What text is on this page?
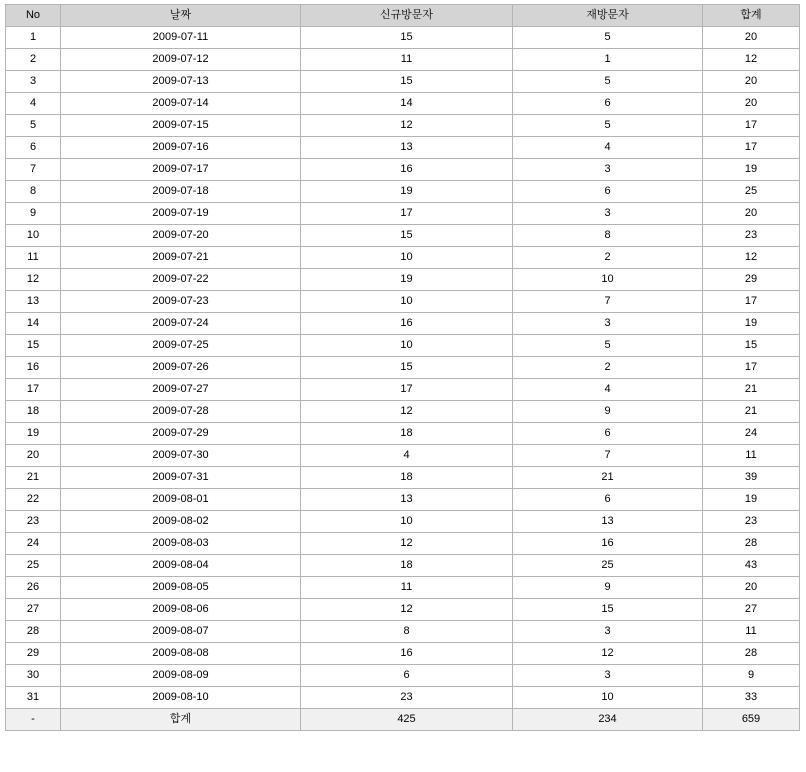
No	날짜	신규방문자	재방문자	합계
1	2009-07-11	15	5	20
2	2009-07-12	11	1	12
3	2009-07-13	15	5	20
4	2009-07-14	14	6	20
5	2009-07-15	12	5	17
6	2009-07-16	13	4	17
7	2009-07-17	16	3	19
8	2009-07-18	19	6	25
9	2009-07-19	17	3	20
10	2009-07-20	15	8	23
11	2009-07-21	10	2	12
12	2009-07-22	19	10	29
13	2009-07-23	10	7	17
14	2009-07-24	16	3	19
15	2009-07-25	10	5	15
16	2009-07-26	15	2	17
17	2009-07-27	17	4	21
18	2009-07-28	12	9	21
19	2009-07-29	18	6	24
20	2009-07-30	4	7	11
21	2009-07-31	18	21	39
22	2009-08-01	13	6	19
23	2009-08-02	10	13	23
24	2009-08-03	12	16	28
25	2009-08-04	18	25	43
26	2009-08-05	11	9	20
27	2009-08-06	12	15	27
28	2009-08-07	8	3	11
29	2009-08-08	16	12	28
30	2009-08-09	6	3	9
31	2009-08-10	23	10	33
-	합계	425	234	659
